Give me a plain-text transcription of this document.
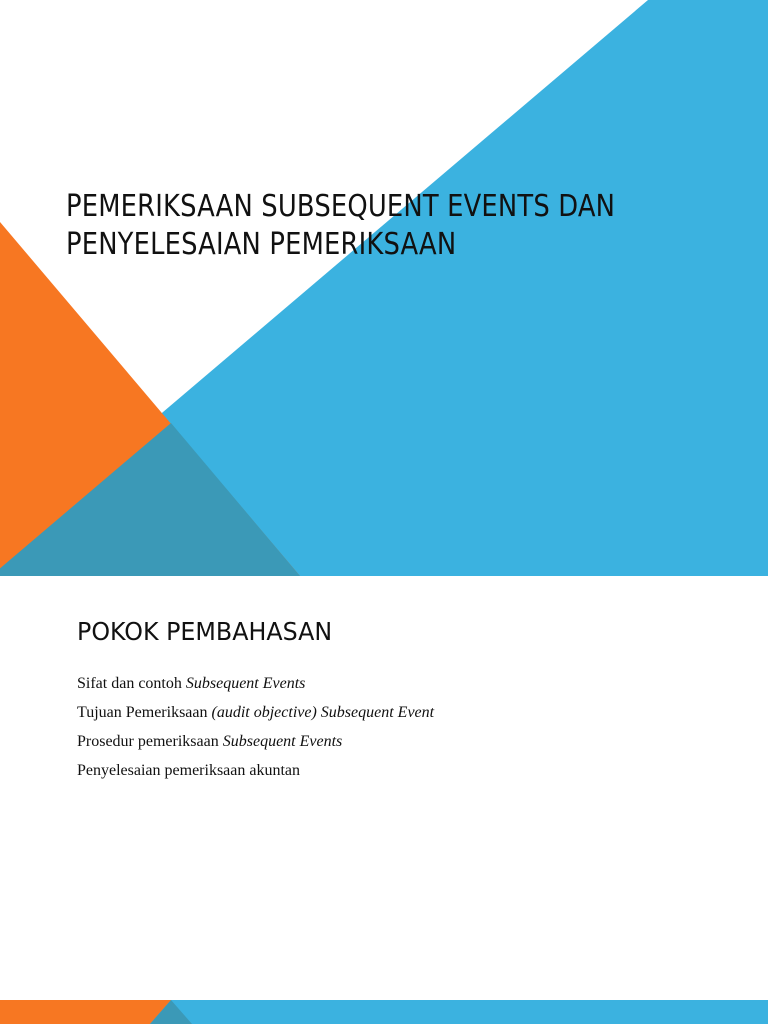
PEMERIKSAAN SUBSEQUENT EVENTS DAN
PENYELESAIAN PEMERIKSAAN
POKOK PEMBAHASAN
Sifat dan contoh Subsequent Events
Tujuan Pemeriksaan (audit objective) Subsequent Event
Prosedur pemeriksaan Subsequent Events
Penyelesaian pemeriksaan akuntan
